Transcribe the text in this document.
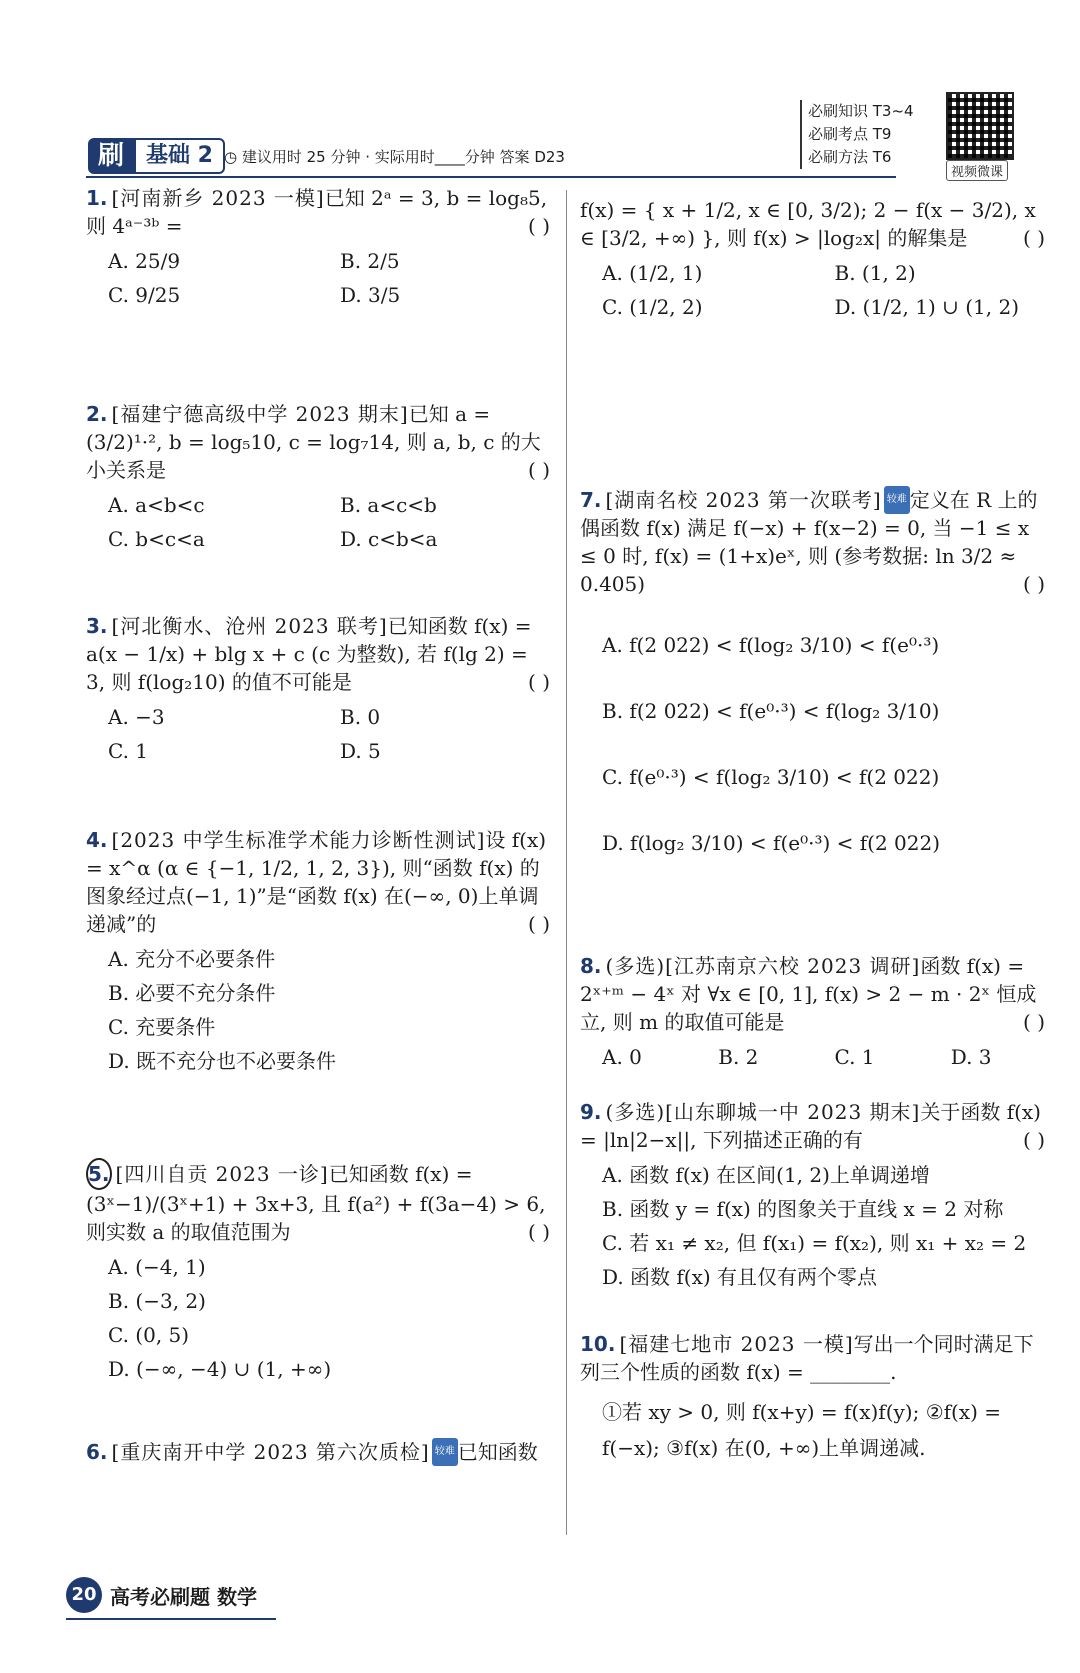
刷	基础 2 ◷ 建议用时 25 分钟 · 实际用时____分钟 答案 D23
必刷知识 T3~4
必刷考点 T9
必刷方法 T6
视频微课
1. [河南新乡 2023 一模]已知 2ᵃ = 3, b = log₈5, 则 4ᵃ⁻³ᵇ =	( )
A. 25/9	B. 2/5
C. 9/25	D. 3/5
2. [福建宁德高级中学 2023 期末]已知 a = (3/2)¹·², b = log₅10, c = log₇14, 则 a, b, c 的大小关系是	( )
A. a<b<c	B. a<c<b
C. b<c<a	D. c<b<a
3. [河北衡水、沧州 2023 联考]已知函数 f(x) = a(x − 1/x) + blg x + c (c 为整数), 若 f(lg 2) = 3, 则 f(log₂10) 的值不可能是	( )
A. −3	B. 0
C. 1	D. 5
4. [2023 中学生标准学术能力诊断性测试]设 f(x) = x^α (α ∈ {−1, 1/2, 1, 2, 3}), 则“函数 f(x) 的图象经过点(−1, 1)”是“函数 f(x) 在(−∞, 0)上单调递减”的	( )
A. 充分不必要条件
B. 必要不充分条件
C. 充要条件
D. 既不充分也不必要条件
5. [四川自贡 2023 一诊]已知函数 f(x) = (3ˣ−1)/(3ˣ+1) + 3x+3, 且 f(a²) + f(3a−4) > 6, 则实数 a 的取值范围为	( )
A. (−4, 1)
B. (−3, 2)
C. (0, 5)
D. (−∞, −4) ∪ (1, +∞)
6. [重庆南开中学 2023 第六次质检] 较难 已知函数
f(x) = { x + 1/2, x ∈ [0, 3/2); 2 − f(x − 3/2), x ∈ [3/2, +∞) }, 则 f(x) > |log₂x| 的解集是	( )
A. (1/2, 1)	B. (1, 2)
C. (1/2, 2)	D. (1/2, 1) ∪ (1, 2)
7. [湖南名校 2023 第一次联考] 较难 定义在 R 上的偶函数 f(x) 满足 f(−x) + f(x−2) = 0, 当 −1 ≤ x ≤ 0 时, f(x) = (1+x)eˣ, 则 (参考数据: ln 3/2 ≈ 0.405)	( )
A. f(2 022) < f(log₂ 3/10) < f(e⁰·³)
B. f(2 022) < f(e⁰·³) < f(log₂ 3/10)
C. f(e⁰·³) < f(log₂ 3/10) < f(2 022)
D. f(log₂ 3/10) < f(e⁰·³) < f(2 022)
8. (多选)[江苏南京六校 2023 调研]函数 f(x) = 2ˣ⁺ᵐ − 4ˣ 对 ∀x ∈ [0, 1], f(x) > 2 − m · 2ˣ 恒成立, 则 m 的取值可能是	( )
A. 0	B. 2	C. 1	D. 3
9. (多选)[山东聊城一中 2023 期末]关于函数 f(x) = |ln|2−x||, 下列描述正确的有	( )
A. 函数 f(x) 在区间(1, 2)上单调递增
B. 函数 y = f(x) 的图象关于直线 x = 2 对称
C. 若 x₁ ≠ x₂, 但 f(x₁) = f(x₂), 则 x₁ + x₂ = 2
D. 函数 f(x) 有且仅有两个零点
10. [福建七地市 2023 一模]写出一个同时满足下列三个性质的函数 f(x) = ________.
①若 xy > 0, 则 f(x+y) = f(x)f(y); ②f(x) = f(−x); ③f(x) 在(0, +∞)上单调递减.
20 高考必刷题 数学
